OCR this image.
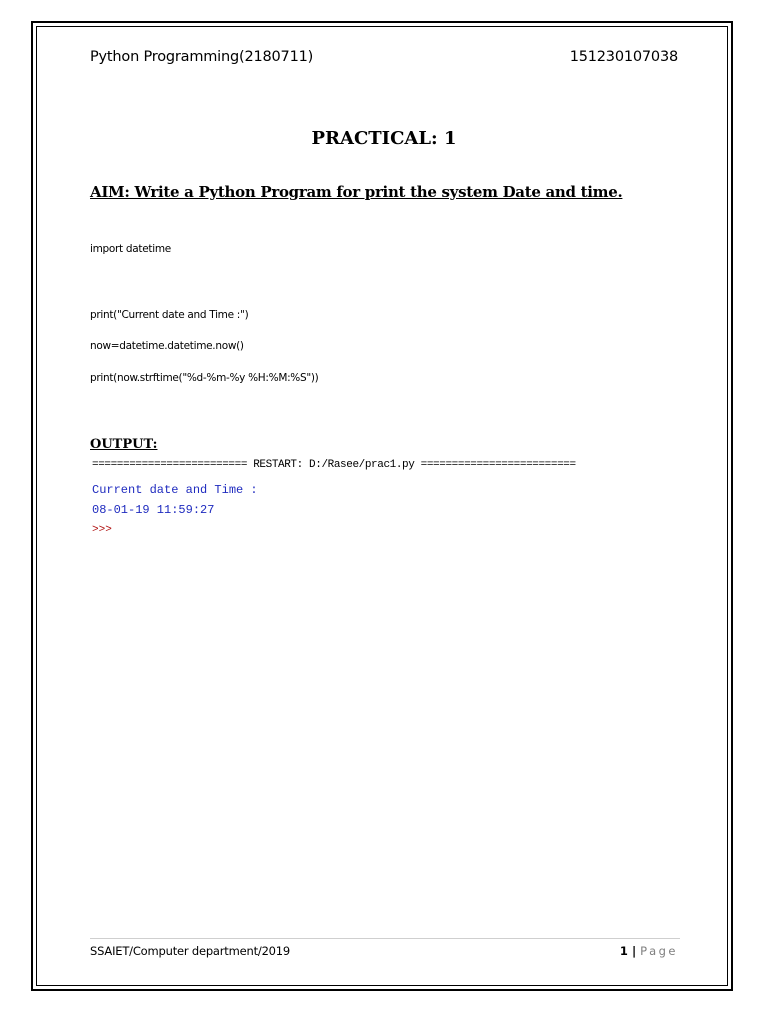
Python Programming(2180711)	151230107038
PRACTICAL: 1
AIM: Write a Python Program for print the system Date and time.
import datetime
print("Current date and Time :")
now=datetime.datetime.now()
print(now.strftime("%d-%m-%y %H:%M:%S"))
OUTPUT:
========================= RESTART: D:/Rasee/prac1.py =========================
Current date and Time :
08-01-19 11:59:27
>>>
SSAIET/Computer department/2019	1 | Page
